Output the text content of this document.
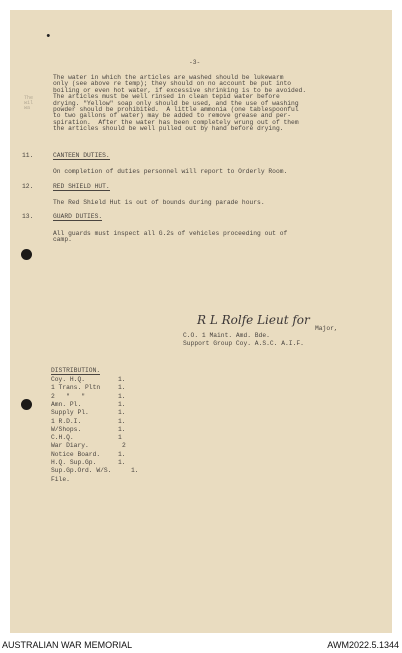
•
-3-
The
wil
wa
The water in which the articles are washed should be lukewarm
only (see above re temp); they should on no account be put into
boiling or even hot water, if excessive shrinking is to be avoided.
The articles must be well rinsed in clean tepid water before
drying. "Yellow" soap only should be used, and the use of washing
powder should be prohibited.  A little ammonia (one tablespoonful
to two gallons of water) may be added to remove grease and per-
spiration.  After the water has been completely wrung out of them
the articles should be well pulled out by hand before drying.
11.	CANTEEN DUTIES.
On completion of duties personnel will report to Orderly Room.
12.	RED SHIELD HUT.
The Red Shield Hut is out of bounds during parade hours.
13.	GUARD DUTIES.
All guards must inspect all G.2s of vehicles proceeding out of
camp.
R L Rolfe Lieut for
Major,
C.O. 1 Maint. Amd. Bde.
Support Group Coy. A.S.C. A.I.F.
DISTRIBUTION.
Coy. H.Q.	1.
1 Trans. Pltn	1.
2   "   "	1.
Amn. Pl.	1.
Supply Pl.	1.
1 R.D.I.	1.
W/Shops.	1.
C.H.Q.	1
War Diary.	2
Notice Board.	1.
H.Q. Sup.Gp.	1.
Sup.Gp.Ord. W/S.	1.
File.
AUSTRALIAN WAR MEMORIAL	AWM2022.5.1344
